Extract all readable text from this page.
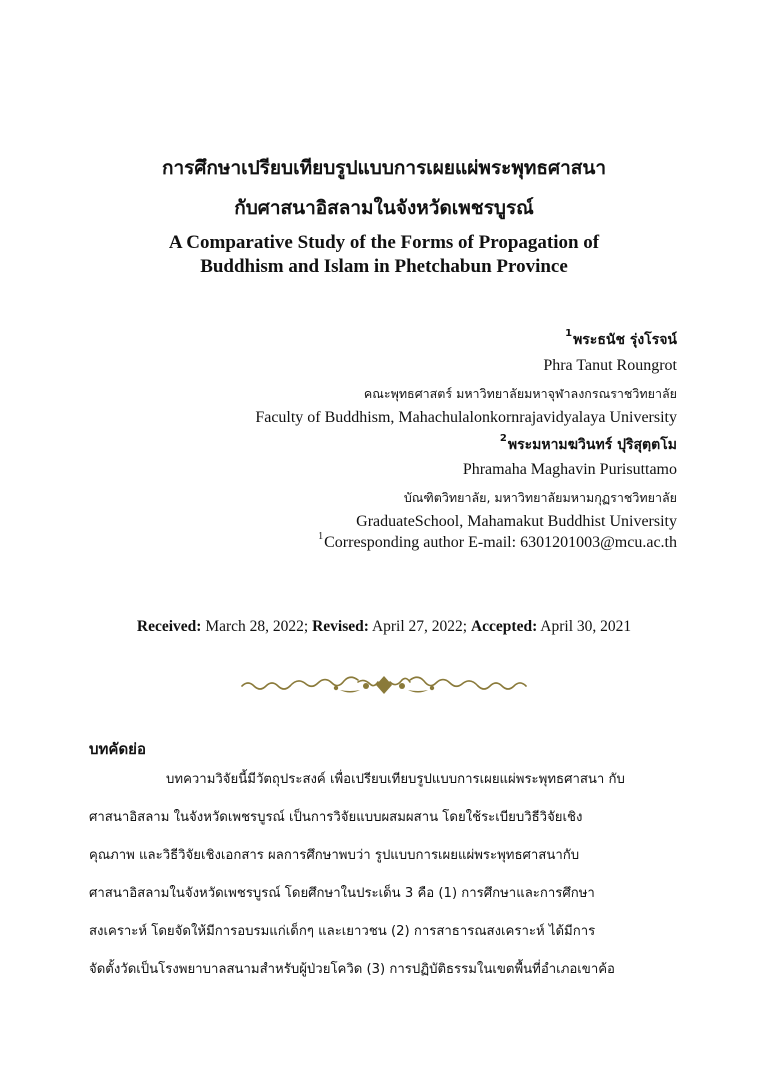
การศึกษาเปรียบเทียบรูปแบบการเผยแผ่พระพุทธศาสนา
กับศาสนาอิสลามในจังหวัดเพชรบูรณ์
A Comparative Study of the Forms of Propagation of
Buddhism and Islam in Phetchabun Province
$^1$พระธนัช รุ่งโรจน์
Phra Tanut Roungrot
คณะพุทธศาสตร์ มหาวิทยาลัยมหาจุฬาลงกรณราชวิทยาลัย
Faculty of Buddhism, Mahachulalonkornrajavidyalaya University
$^2$พระมหามฆวินทร์ ปุริสุตฺตโม
Phramaha Maghavin Purisuttamo
บัณฑิตวิทยาลัย, มหาวิทยาลัยมหามกุฏราชวิทยาลัย
GraduateSchool, Mahamakut Buddhist University
$^1$Corresponding author E-mail: 6301201003@mcu.ac.th
Received: March 28, 2022; Revised: April 27, 2022; Accepted: April 30, 2021
บทคัดย่อ
บทความวิจัยนี้มีวัตถุประสงค์ เพื่อเปรียบเทียบรูปแบบการเผยแผ่พระพุทธศาสนา กับ
ศาสนาอิสลาม ในจังหวัดเพชรบูรณ์ เป็นการวิจัยแบบผสมผสาน โดยใช้ระเบียบวิธีวิจัยเชิง
คุณภาพ และวิธีวิจัยเชิงเอกสาร ผลการศึกษาพบว่า รูปแบบการเผยแผ่พระพุทธศาสนากับ
ศาสนาอิสลามในจังหวัดเพชรบูรณ์ โดยศึกษาในประเด็น 3 คือ (1) การศึกษาและการศึกษา
สงเคราะห์ โดยจัดให้มีการอบรมแก่เด็กๆ และเยาวชน (2) การสาธารณสงเคราะห์ ได้มีการ
จัดตั้งวัดเป็นโรงพยาบาลสนามสำหรับผู้ป่วยโควิด (3) การปฏิบัติธรรมในเขตพื้นที่อำเภอเขาค้อ
